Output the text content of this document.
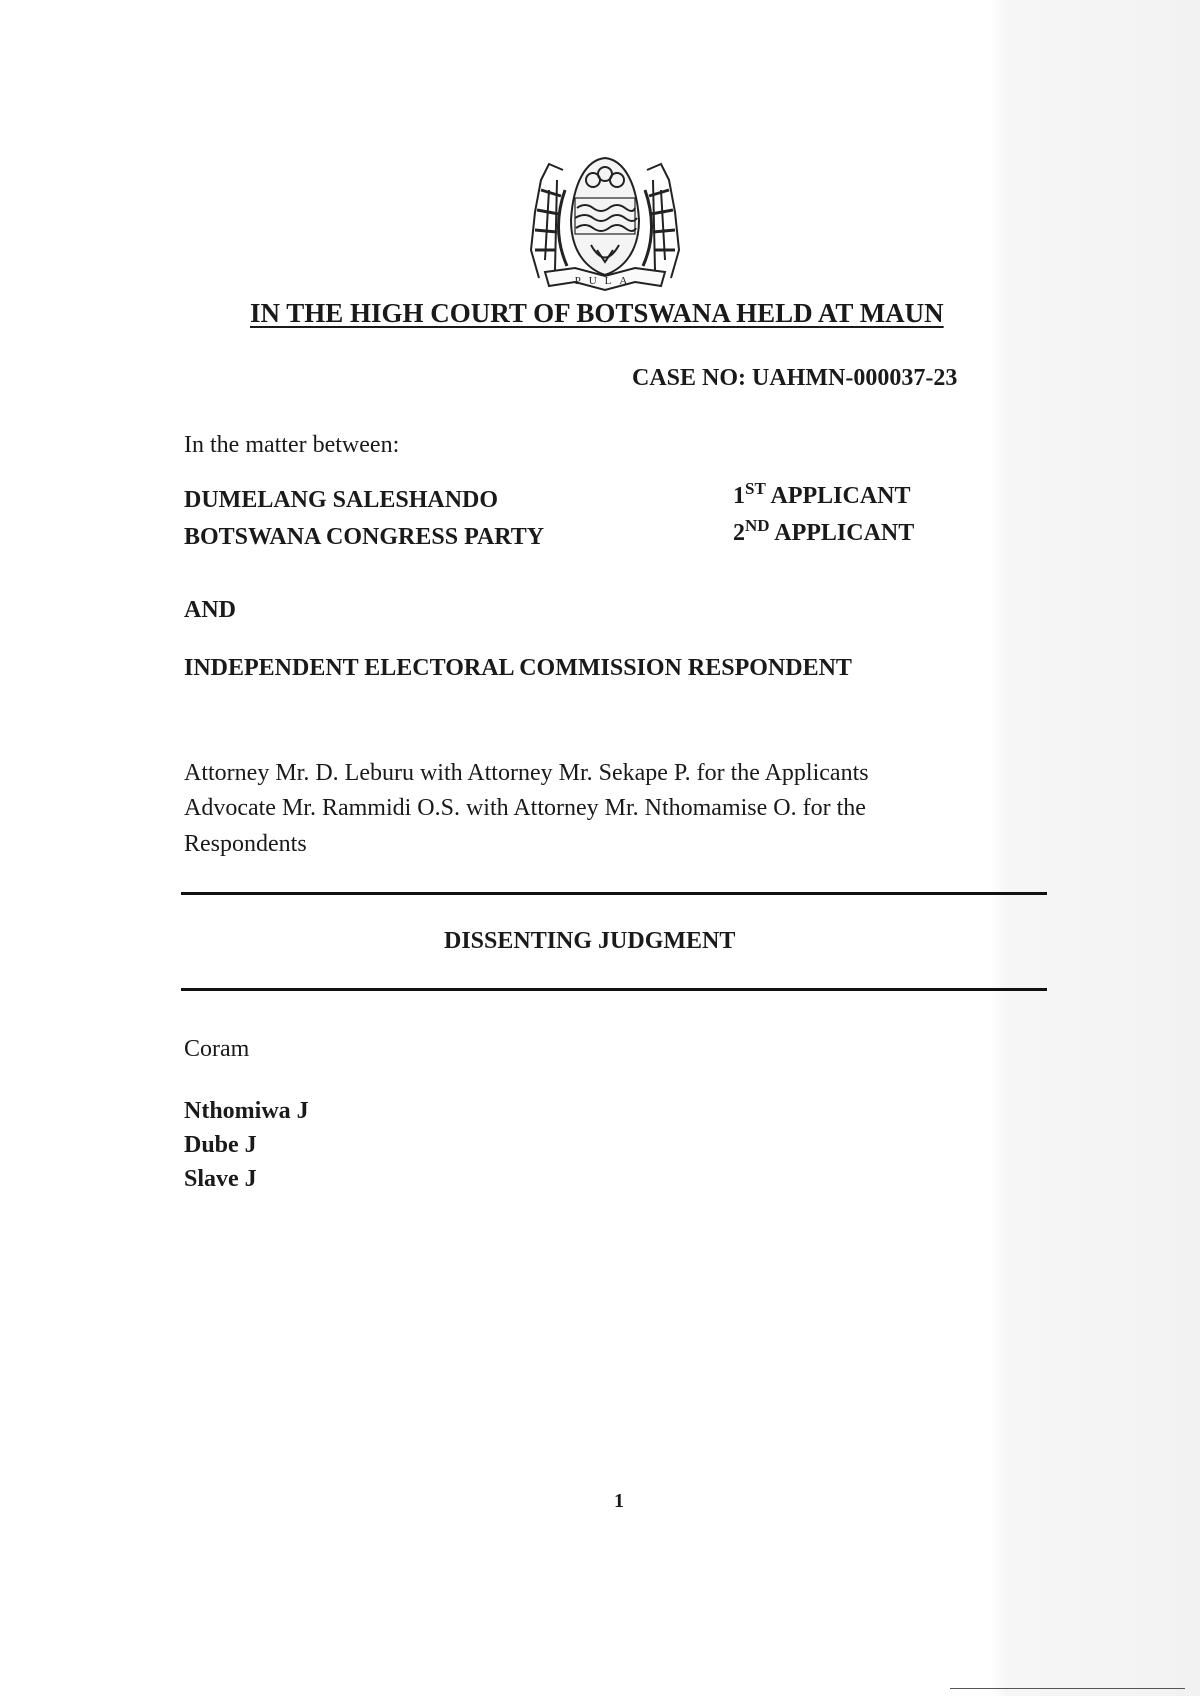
PULA
IN THE HIGH COURT OF BOTSWANA HELD AT MAUN
CASE NO: UAHMN-000037-23
In the matter between:
DUMELANG SALESHANDO	1ST APPLICANT
BOTSWANA CONGRESS PARTY	2ND APPLICANT
AND
INDEPENDENT ELECTORAL COMMISSION RESPONDENT
Attorney Mr. D. Leburu with Attorney Mr. Sekape P. for the Applicants
Advocate Mr. Rammidi O.S. with Attorney Mr. Nthomamise O. for the
Respondents
DISSENTING JUDGMENT
Coram
Nthomiwa J
Dube J
Slave J
1
